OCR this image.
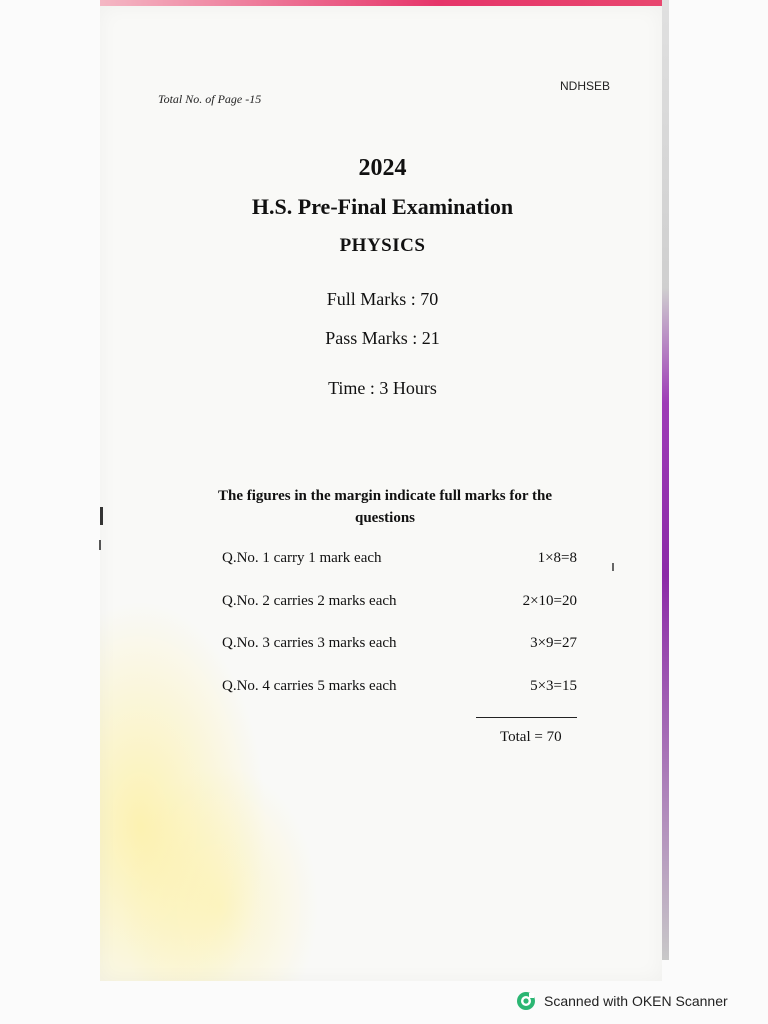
Total No. of Page -15
NDHSEB
2024
H.S. Pre-Final Examination
PHYSICS
Full Marks : 70
Pass Marks : 21
Time : 3 Hours
The figures in the margin indicate full marks for the questions
Q.No. 1 carry 1 mark each	1×8=8
Q.No. 2 carries 2 marks each	2×10=20
Q.No. 3 carries 3 marks each	3×9=27
Q.No. 4 carries 5 marks each	5×3=15
Total = 70
Scanned with OKEN Scanner
